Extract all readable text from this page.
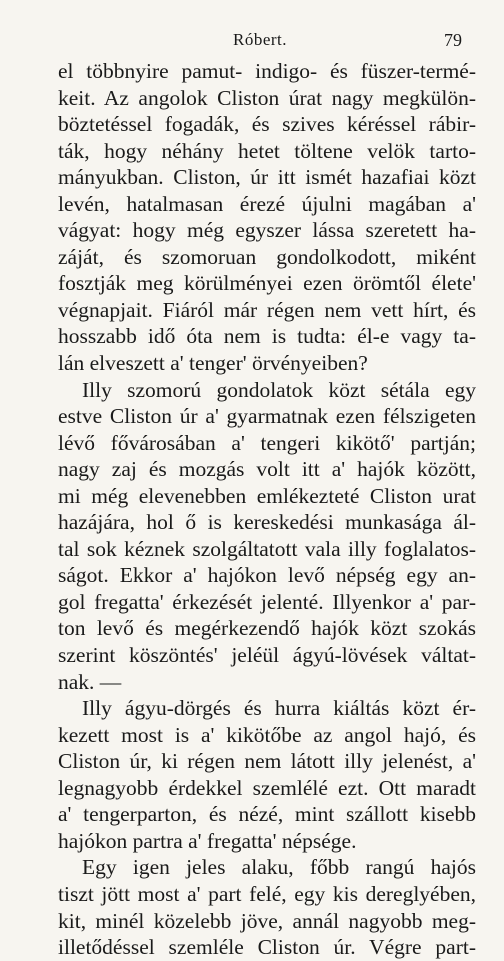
Róbert.	79
el többnyire pamut- indigo- és füszer-termé-
keit. Az angolok Cliston úrat nagy megkülön-
böztetéssel fogadák, és szives kéréssel rábir-
ták, hogy néhány hetet töltene velök tarto-
mányukban. Cliston, úr itt ismét hazafiai közt
levén, hatalmasan érezé újulni magában a'
vágyat: hogy még egyszer lássa szeretett ha-
záját, és szomoruan gondolkodott, miként
fosztják meg körülményei ezen örömtől élete'
végnapjait. Fiáról már régen nem vett hírt, és
hosszabb idő óta nem is tudta: él-e vagy ta-
lán elveszett a' tenger' örvényeiben?
Illy szomorú gondolatok közt sétála egy
estve Cliston úr a' gyarmatnak ezen félszigeten
lévő fővárosában a' tengeri kikötő' partján;
nagy zaj és mozgás volt itt a' hajók között,
mi még elevenebben emlékezteté Cliston urat
hazájára, hol ő is kereskedési munkasága ál-
tal sok kéznek szolgáltatott vala illy foglalatos-
ságot. Ekkor a' hajókon levő népség egy an-
gol fregatta' érkezését jelenté. Illyenkor a' par-
ton levő és megérkezendő hajók közt szokás
szerint köszöntés' jeléül ágyú-lövések váltat-
nak. —
Illy ágyu-dörgés és hurra kiáltás közt ér-
kezett most is a' kikötőbe az angol hajó, és
Cliston úr, ki régen nem látott illy jelenést, a'
legnagyobb érdekkel szemlélé ezt. Ott maradt
a' tengerparton, és nézé, mint szállott kisebb
hajókon partra a' fregatta' népsége.
Egy igen jeles alaku, főbb rangú hajós
tiszt jött most a' part felé, egy kis dereglyében,
kit, minél közelebb jöve, annál nagyobb meg-
illetődéssel szemléle Cliston úr. Végre part-
